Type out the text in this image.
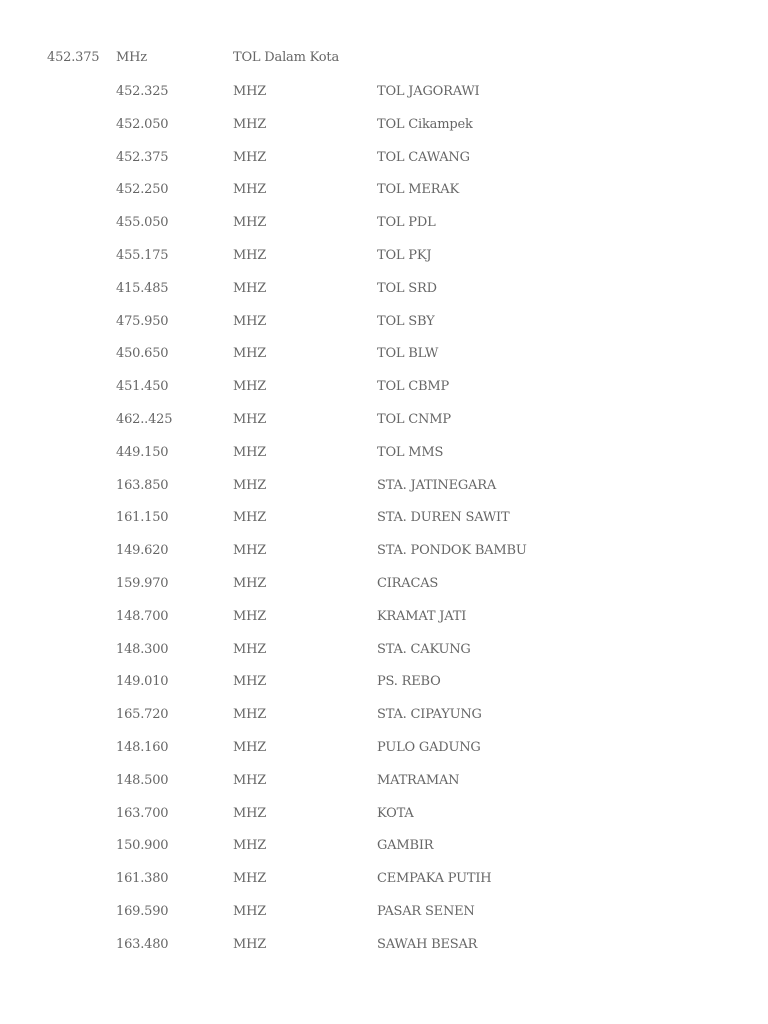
452.375 MHz	TOL Dalam Kota
452.325	MHZ	TOL JAGORAWI
452.050	MHZ	TOL Cikampek
452.375	MHZ	TOL CAWANG
452.250	MHZ	TOL MERAK
455.050	MHZ	TOL PDL
455.175	MHZ	TOL PKJ
415.485	MHZ	TOL SRD
475.950	MHZ	TOL SBY
450.650	MHZ	TOL BLW
451.450	MHZ	TOL CBMP
462..425	MHZ	TOL CNMP
449.150	MHZ	TOL MMS
163.850	MHZ	STA. JATINEGARA
161.150	MHZ	STA. DUREN SAWIT
149.620	MHZ	STA. PONDOK BAMBU
159.970	MHZ	CIRACAS
148.700	MHZ	KRAMAT JATI
148.300	MHZ	STA. CAKUNG
149.010	MHZ	PS. REBO
165.720	MHZ	STA. CIPAYUNG
148.160	MHZ	PULO GADUNG
148.500	MHZ	MATRAMAN
163.700	MHZ	KOTA
150.900	MHZ	GAMBIR
161.380	MHZ	CEMPAKA PUTIH
169.590	MHZ	PASAR SENEN
163.480	MHZ	SAWAH BESAR
